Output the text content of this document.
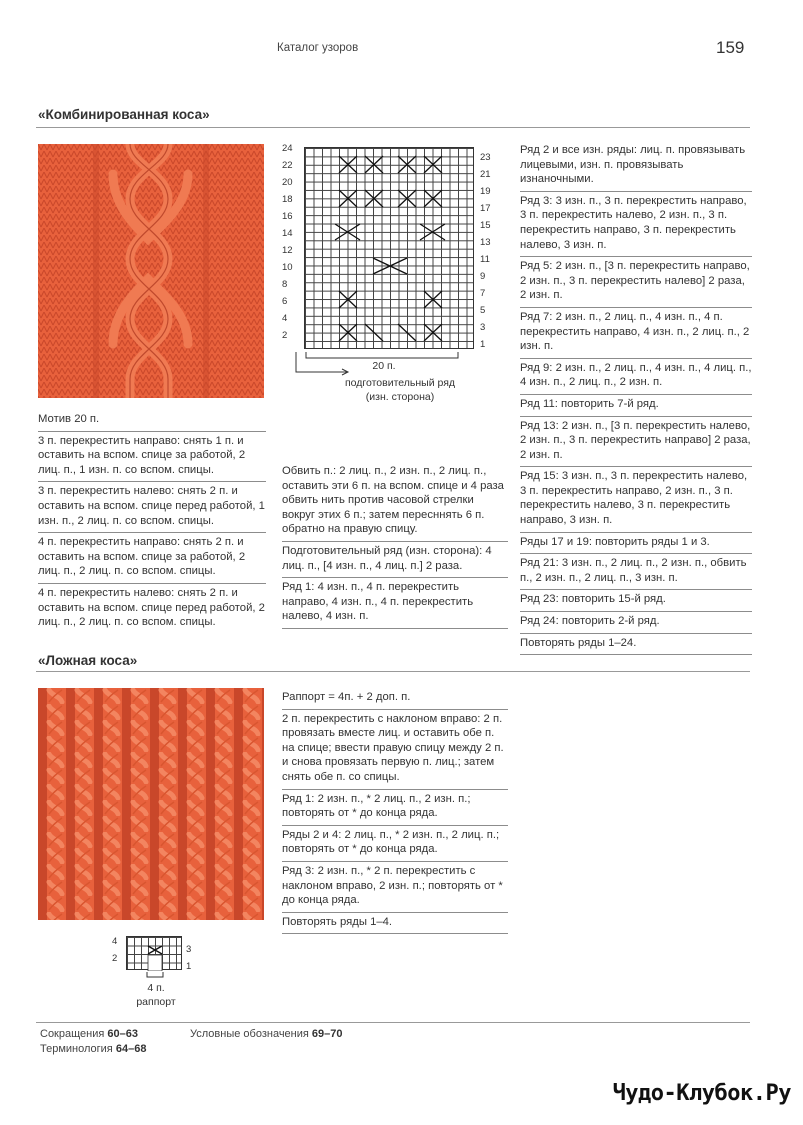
Каталог узоров	159
«Комбинированная коса»
Мотив 20 п.
3 п. перекрестить направо: снять 1 п. и оставить на вспом. спице за работой, 2 лиц. п., 1 изн. п. со вспом. спицы.
3 п. перекрестить налево: снять 2 п. и оставить на вспом. спице перед работой, 1 изн. п., 2 лиц. п. со вспом. спицы.
4 п. перекрестить направо: снять 2 п. и оставить на вспом. спице за работой, 2 лиц. п., 2 лиц. п. со вспом. спицы.
4 п. перекрестить налево: снять 2 п. и оставить на вспом. спице перед работой, 2 лиц. п., 2 лиц. п. со вспом. спицы.
24
22
20
18
16
14
12
10
8
6
4
2
23
21
19
17
15
13
11
9
7
5
3
1
20 п.
подготовительный ряд
(изн. сторона)
Обвить п.: 2 лиц. п., 2 изн. п., 2 лиц. п., оставить эти 6 п. на вспом. спице и 4 раза обвить нить против часовой стрелки вокруг этих 6 п.; затем пересннять 6 п. обратно на правую спицу.
Подготовительный ряд (изн. сторона): 4 лиц. п., [4 изн. п., 4 лиц. п.] 2 раза.
Ряд 1: 4 изн. п., 4 п. перекрестить направо, 4 изн. п., 4 п. перекрестить налево, 4 изн. п.
Ряд 2 и все изн. ряды: лиц. п. провязывать лицевыми, изн. п. провязывать изнаночными.
Ряд 3: 3 изн. п., 3 п. перекрестить направо, 3 п. перекрестить налево, 2 изн. п., 3 п. перекрестить направо, 3 п. перекрестить налево, 3 изн. п.
Ряд 5: 2 изн. п., [3 п. перекрестить направо, 2 изн. п., 3 п. перекрестить налево] 2 раза, 2 изн. п.
Ряд 7: 2 изн. п., 2 лиц. п., 4 изн. п., 4 п. перекрестить направо, 4 изн. п., 2 лиц. п., 2 изн. п.
Ряд 9: 2 изн. п., 2 лиц. п., 4 изн. п., 4 лиц. п., 4 изн. п., 2 лиц. п., 2 изн. п.
Ряд 11: повторить 7-й ряд.
Ряд 13: 2 изн. п., [3 п. перекрестить налево, 2 изн. п., 3 п. перекрестить направо] 2 раза, 2 изн. п.
Ряд 15: 3 изн. п., 3 п. перекрестить налево, 3 п. перекрестить направо, 2 изн. п., 3 п. перекрестить налево, 3 п. перекрестить направо, 3 изн. п.
Ряды 17 и 19: повторить ряды 1 и 3.
Ряд 21: 3 изн. п., 2 лиц. п., 2 изн. п., обвить п., 2 изн. п., 2 лиц. п., 3 изн. п.
Ряд 23: повторить 15-й ряд.
Ряд 24: повторить 2-й ряд.
Повторять ряды 1–24.
«Ложная коса»
Раппорт = 4п. + 2 доп. п.
2 п. перекрестить с наклоном вправо: 2 п. провязать вместе лиц. и оставить обе п. на спице; ввести правую спицу между 2 п. и снова провязать первую п. лиц.; затем снять обе п. со спицы.
Ряд 1: 2 изн. п., * 2 лиц. п., 2 изн. п.; повторять от * до конца ряда.
Ряды 2 и 4: 2 лиц. п., * 2 изн. п., 2 лиц. п.; повторять от * до конца ряда.
Ряд 3: 2 изн. п., * 2 п. перекрестить с наклоном вправо, 2 изн. п.; повторять от * до конца ряда.
Повторять ряды 1–4.
4
2
3
1
4 п.
раппорт
Сокращения 60–63
Терминология 64–68
Условные обозначения 69–70
Чудо-Клубок.Ру
